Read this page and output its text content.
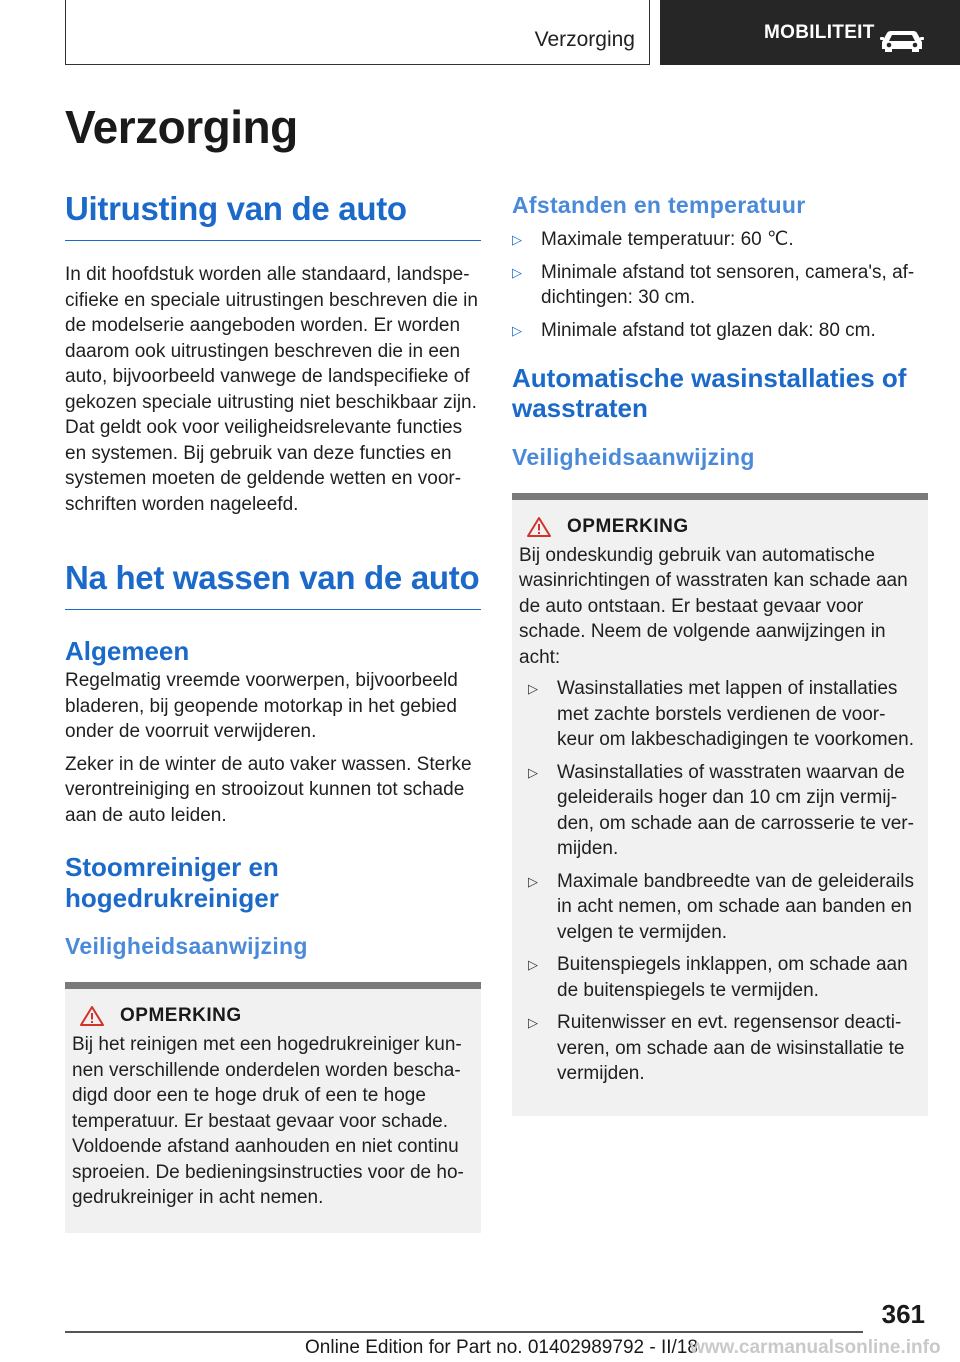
Verzorging	MOBILITEIT
Verzorging
Uitrusting van de auto

In dit hoofdstuk worden alle standaard, landspe-cifieke en speciale uitrustingen beschreven die in de modelserie aangeboden worden. Er worden daarom ook uitrustingen beschreven die in een auto, bijvoorbeeld vanwege de landspecifieke of gekozen speciale uitrusting niet beschikbaar zijn. Dat geldt ook voor veiligheidsrelevante functies en systemen. Bij gebruik van deze functies en systemen moeten de geldende wetten en voor-schriften worden nageleefd.

Na het wassen van de auto
Algemeen

Regelmatig vreemde voorwerpen, bijvoorbeeld bladeren, bij geopende motorkap in het gebied onder de voorruit verwijderen.

Zeker in de winter de auto vaker wassen. Sterke verontreiniging en strooizout kunnen tot schade aan de auto leiden.

Stoomreiniger en hogedrukreiniger
Veiligheidsaanwijzing
OPMERKING

Bij het reinigen met een hogedrukreiniger kun-nen verschillende onderdelen worden bescha-digd door een te hoge druk of een te hoge temperatuur. Er bestaat gevaar voor schade. Voldoende afstand aanhouden en niet continu sproeien. De bedieningsinstructies voor de ho-gedrukreiniger in acht nemen.

Afstanden en temperatuur
▷	Maximale temperatuur: 60 ℃.
▷	Minimale afstand tot sensoren, camera's, af-dichtingen: 30 cm.
▷	Minimale afstand tot glazen dak: 80 cm.
Automatische wasinstallaties of wasstraten
Veiligheidsaanwijzing
OPMERKING

Bij ondeskundig gebruik van automatische wasinrichtingen of wasstraten kan schade aan de auto ontstaan. Er bestaat gevaar voor schade. Neem de volgende aanwijzingen in acht:

▷	Wasinstallaties met lappen of installaties met zachte borstels verdienen de voor-keur om lakbeschadigingen te voorkomen.
▷	Wasinstallaties of wasstraten waarvan de geleiderails hoger dan 10 cm zijn vermij-den, om schade aan de carrosserie te ver-mijden.
▷	Maximale bandbreedte van de geleiderails in acht nemen, om schade aan banden en velgen te vermijden.
▷	Buitenspiegels inklappen, om schade aan de buitenspiegels te vermijden.
▷	Ruitenwisser en evt. regensensor deacti-veren, om schade aan de wisinstallatie te vermijden.
361
Online Edition for Part no. 01402989792 - II/18
www.carmanualsonline.info
